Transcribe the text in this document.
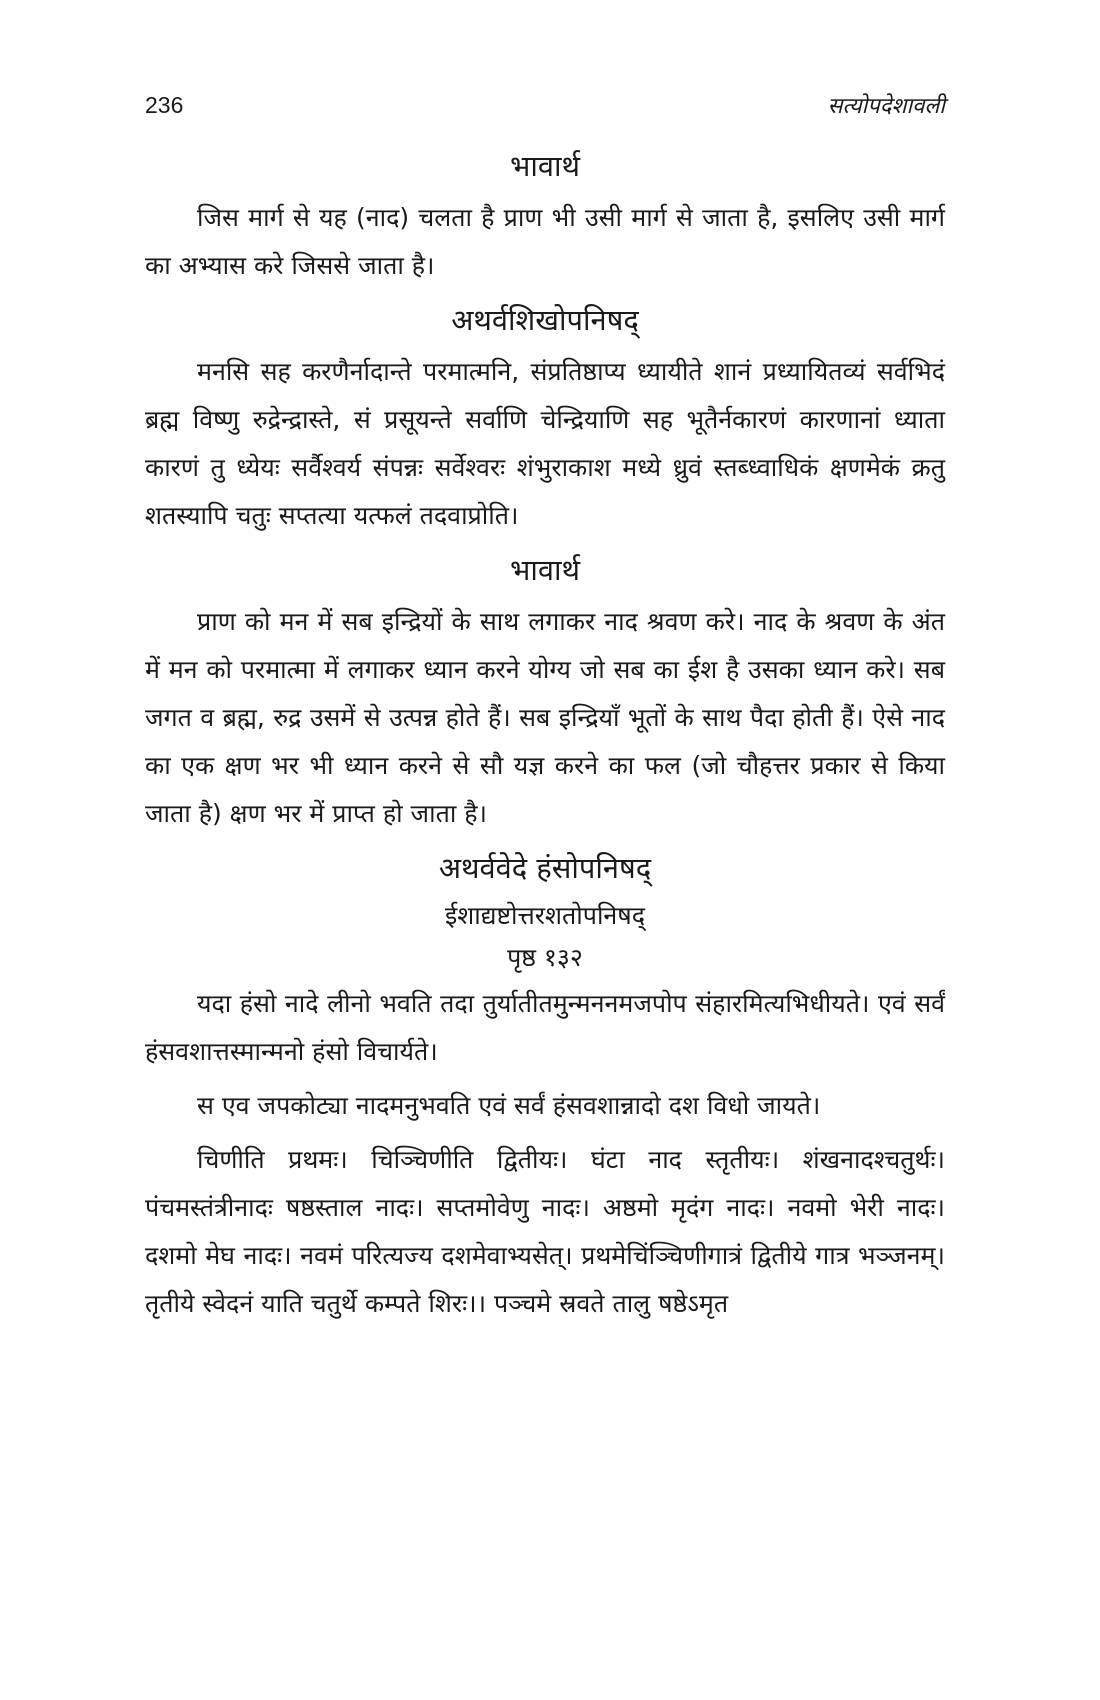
236	सत्योपदेशावली
भावार्थ

जिस मार्ग से यह (नाद) चलता है प्राण भी उसी मार्ग से जाता है, इसलिए उसी मार्ग का अभ्यास करे जिससे जाता है।

अथर्वशिखोपनिषद्

मनसि सह करणैर्नादान्ते परमात्मनि, संप्रतिष्ठाप्य ध्यायीते शानं प्रध्यायितव्यं सर्वभिदं ब्रह्म विष्णु रुद्रेन्द्रास्ते, सं प्रसूयन्ते सर्वाणि चेन्द्रियाणि सह भूतैर्नकारणं कारणानां ध्याता कारणं तु ध्येयः सर्वैश्वर्य संपन्नः सर्वेश्वरः शंभुराकाश मध्ये ध्रुवं स्तब्ध्वाधिकं क्षणमेकं क्रतु शतस्यापि चतुः सप्तत्या यत्फलं तदवाप्रोति।

भावार्थ

प्राण को मन में सब इन्द्रियों के साथ लगाकर नाद श्रवण करे। नाद के श्रवण के अंत में मन को परमात्मा में लगाकर ध्यान करने योग्य जो सब का ईश है उसका ध्यान करे। सब जगत व ब्रह्म, रुद्र उसमें से उत्पन्न होते हैं। सब इन्द्रियाँ भूतों के साथ पैदा होती हैं। ऐसे नाद का एक क्षण भर भी ध्यान करने से सौ यज्ञ करने का फल (जो चौहत्तर प्रकार से किया जाता है) क्षण भर में प्राप्त हो जाता है।

अथर्ववेदे हंसोपनिषद्
ईशाद्यष्टोत्तरशतोपनिषद्
पृष्ठ १३२

यदा हंसो नादे लीनो भवति तदा तुर्यातीतमुन्मननमजपोप संहारमित्यभिधीयते। एवं सर्वं हंसवशात्तस्मान्मनो हंसो विचार्यते।

स एव जपकोट्या नादमनुभवति एवं सर्वं हंसवशान्नादो दश विधो जायते।

चिणीति प्रथमः। चिञ्चिणीति द्वितीयः। घंटा नाद स्तृतीयः। शंखनादश्चतुर्थः। पंचमस्तंत्रीनादः षष्ठस्ताल नादः। सप्तमोवेणु नादः। अष्ठमो मृदंग नादः। नवमो भेरी नादः। दशमो मेघ नादः। नवमं परित्यज्य दशमेवाभ्यसेत्। प्रथमेचिंञ्चिणीगात्रं द्वितीये गात्र भञ्जनम्। तृतीये स्वेदनं याति चतुर्थे कम्पते शिरः।। पञ्चमे स्रवते तालु षष्ठेऽमृत
